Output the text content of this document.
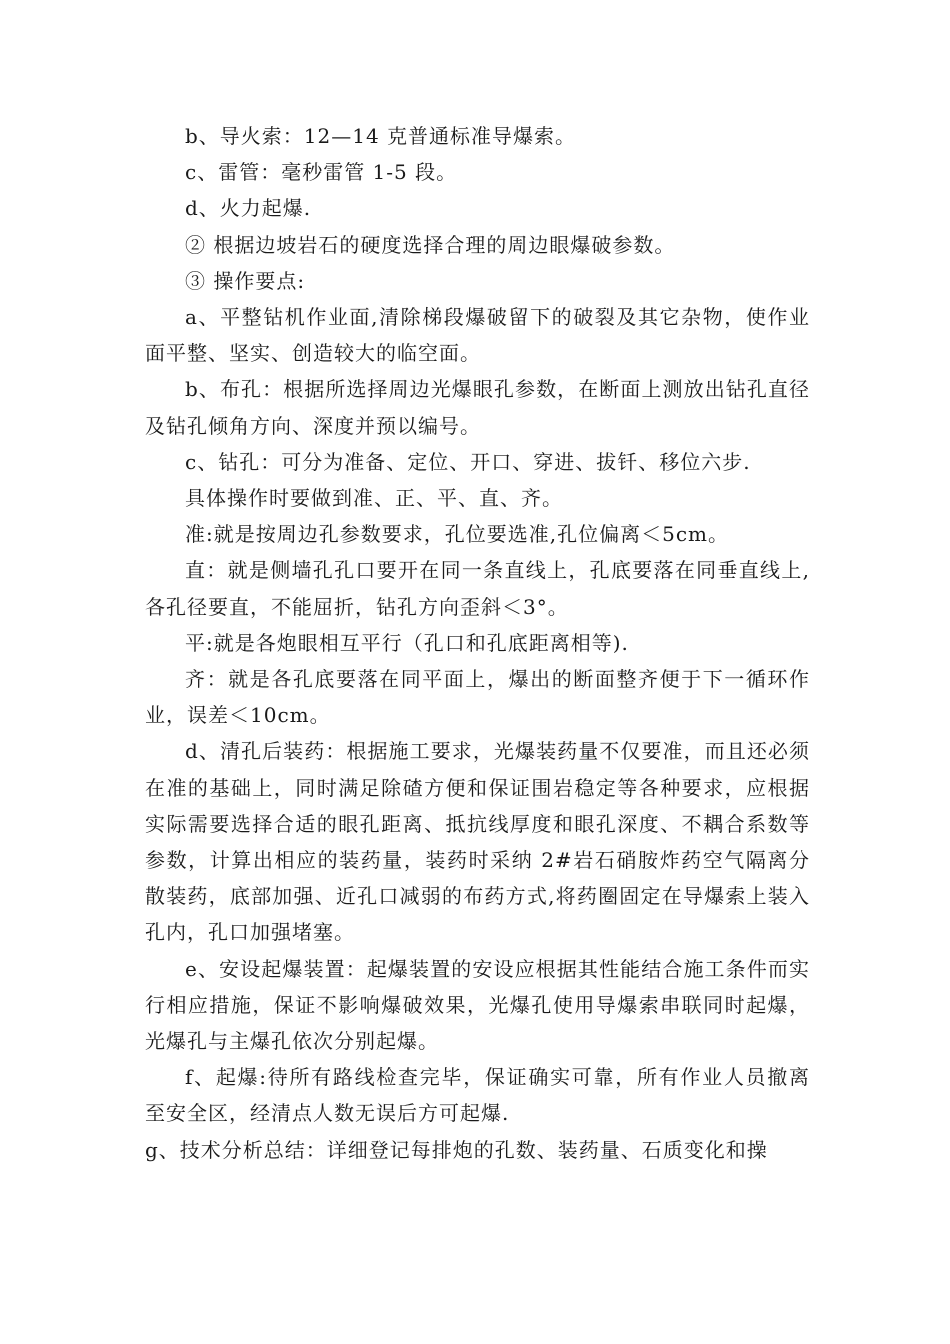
b、导火索：12—14 克普通标准导爆索。

c、雷管：毫秒雷管 1-5 段。

d、火力起爆.

② 根据边坡岩石的硬度选择合理的周边眼爆破参数。

③ 操作要点:

a、平整钻机作业面,清除梯段爆破留下的破裂及其它杂物，使作业面平整、坚实、创造较大的临空面。

b、布孔：根据所选择周边光爆眼孔参数，在断面上测放出钻孔直径及钻孔倾角方向、深度并预以编号。

c、钻孔：可分为准备、定位、开口、穿进、拔钎、移位六步.

具体操作时要做到准、正、平、直、齐。

准:就是按周边孔参数要求，孔位要选准,孔位偏离＜5cm。

直：就是侧墙孔孔口要开在同一条直线上，孔底要落在同垂直线上,各孔径要直，不能屈折，钻孔方向歪斜＜3°。

平:就是各炮眼相互平行（孔口和孔底距离相等).

齐：就是各孔底要落在同平面上，爆出的断面整齐便于下一循环作业，误差＜10cm。

d、清孔后装药：根据施工要求，光爆装药量不仅要准，而且还必须在准的基础上，同时满足除碴方便和保证围岩稳定等各种要求，应根据实际需要选择合适的眼孔距离、抵抗线厚度和眼孔深度、不耦合系数等参数，计算出相应的装药量，装药时采纳 2#岩石硝胺炸药空气隔离分散装药，底部加强、近孔口减弱的布药方式,将药圈固定在导爆索上装入孔内，孔口加强堵塞。

e、安设起爆装置：起爆装置的安设应根据其性能结合施工条件而实行相应措施，保证不影响爆破效果，光爆孔使用导爆索串联同时起爆，光爆孔与主爆孔依次分别起爆。

f、起爆:待所有路线检查完毕，保证确实可靠，所有作业人员撤离至安全区，经清点人数无误后方可起爆.

g、技术分析总结：详细登记每排炮的孔数、装药量、石质变化和操
